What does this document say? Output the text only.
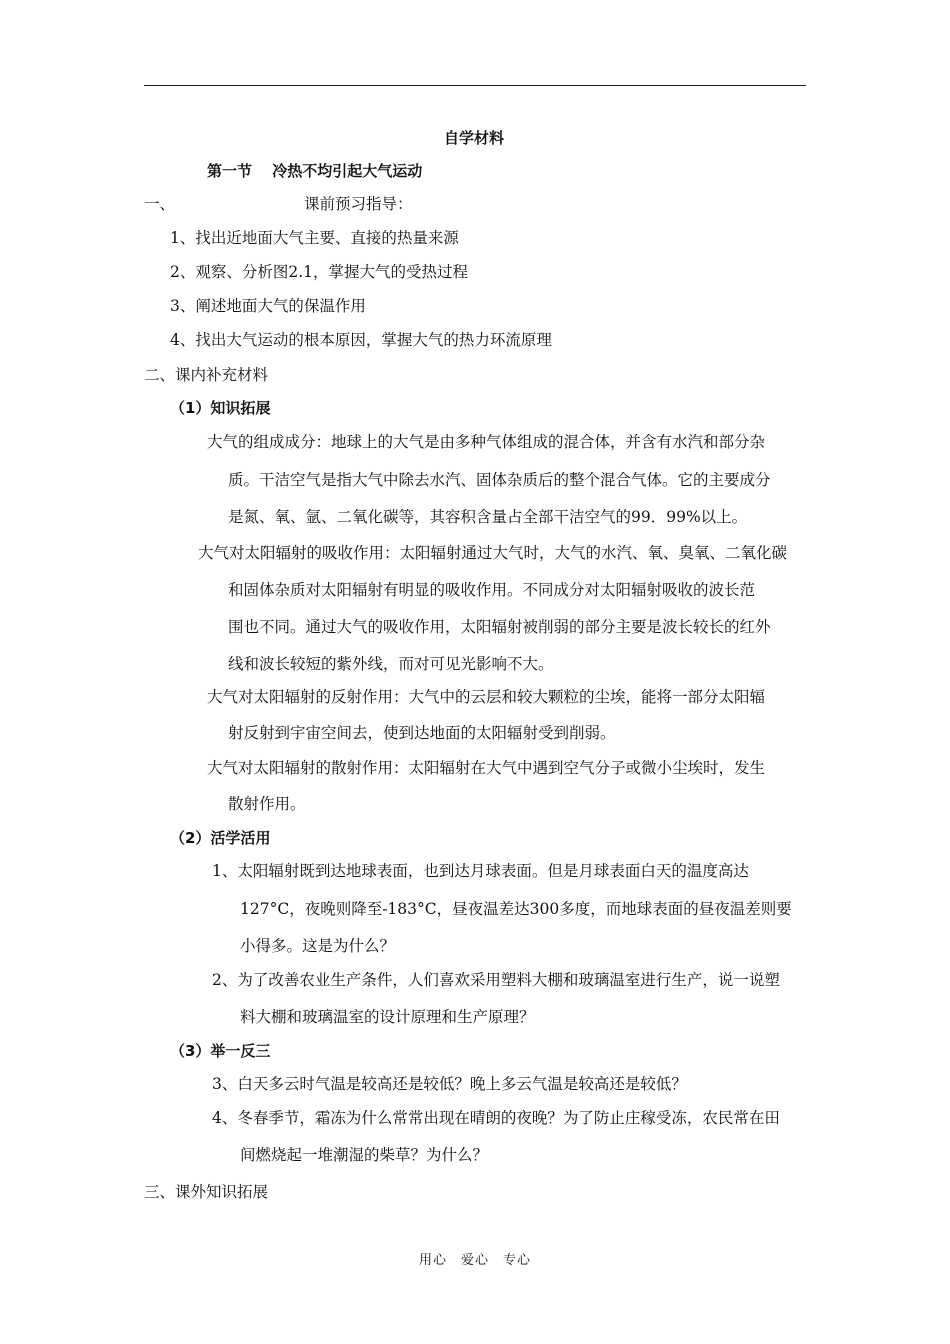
自学材料
第一节　 冷热不均引起大气运动
一、	课前预习指导：
1、找出近地面大气主要、直接的热量来源
2、观察、分析图2.1，掌握大气的受热过程
3、阐述地面大气的保温作用
4、找出大气运动的根本原因，掌握大气的热力环流原理
二、课内补充材料
（1）知识拓展
大气的组成成分：地球上的大气是由多种气体组成的混合体，并含有水汽和部分杂
质。干洁空气是指大气中除去水汽、固体杂质后的整个混合气体。它的主要成分
是氮、氧、氩、二氧化碳等，其容积含量占全部干洁空气的99．99%以上。
大气对太阳辐射的吸收作用：太阳辐射通过大气时，大气的水汽、氧、臭氧、二氧化碳
和固体杂质对太阳辐射有明显的吸收作用。不同成分对太阳辐射吸收的波长范
围也不同。通过大气的吸收作用，太阳辐射被削弱的部分主要是波长较长的红外
线和波长较短的紫外线，而对可见光影响不大。
大气对太阳辐射的反射作用：大气中的云层和较大颗粒的尘埃，能将一部分太阳辐
射反射到宇宙空间去，使到达地面的太阳辐射受到削弱。
大气对太阳辐射的散射作用：太阳辐射在大气中遇到空气分子或微小尘埃时，发生
散射作用。
（2）活学活用
1、太阳辐射既到达地球表面，也到达月球表面。但是月球表面白天的温度高达
127°C，夜晚则降至-183°C，昼夜温差达300多度，而地球表面的昼夜温差则要
小得多。这是为什么？
2、为了改善农业生产条件，人们喜欢采用塑料大棚和玻璃温室进行生产，说一说塑
料大棚和玻璃温室的设计原理和生产原理？
（3）举一反三
3、白天多云时气温是较高还是较低？晚上多云气温是较高还是较低？
4、冬春季节，霜冻为什么常常出现在晴朗的夜晚？为了防止庄稼受冻，农民常在田
间燃烧起一堆潮湿的柴草？为什么？
三、课外知识拓展
用心　爱心　专心
